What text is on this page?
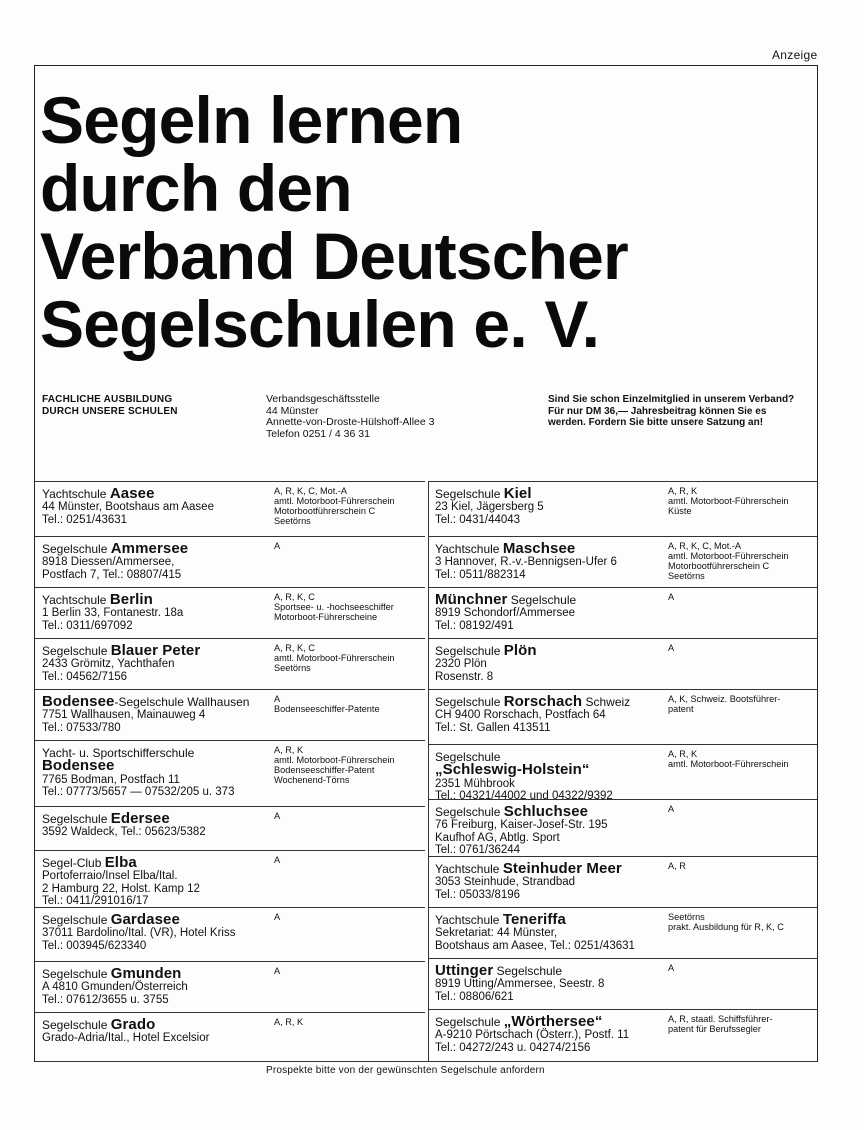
Anzeige
Segeln lernen
durch den
Verband Deutscher
Segelschulen e. V.
FACHLICHE AUSBILDUNG
DURCH UNSERE SCHULEN
Verbandsgeschäftsstelle
44 Münster
Annette-von-Droste-Hülshoff-Allee 3
Telefon 0251 / 4 36 31
Sind Sie schon Einzelmitglied in unserem Verband?
Für nur DM 36,— Jahresbeitrag können Sie es
werden. Fordern Sie bitte unsere Satzung an!
Yachtschule Aasee
44 Münster, Bootshaus am Aasee
Tel.: 0251/43631
A, R, K, C, Mot.-A
amtl. Motorboot-Führerschein
Motorbootführerschein C
Seetörns
Segelschule Ammersee
8918 Diessen/Ammersee,
Postfach 7, Tel.: 08807/415
A
Yachtschule Berlin
1 Berlin 33, Fontanestr. 18a
Tel.: 0311/697092
A, R, K, C
Sportsee- u. -hochseeschiffer
Motorboot-Führerscheine
Segelschule Blauer Peter
2433 Grömitz, Yachthafen
Tel.: 04562/7156
A, R, K, C
amtl. Motorboot-Führerschein
Seetörns
Bodensee-Segelschule Wallhausen
7751 Wallhausen, Mainauweg 4
Tel.: 07533/780
A
Bodenseeschiffer-Patente
Yacht- u. Sportschifferschule
Bodensee
7765 Bodman, Postfach 11
Tel.: 07773/5657 — 07532/205 u. 373
A, R, K
amtl. Motorboot-Führerschein
Bodenseeschiffer-Patent
Wochenend-Törns
Segelschule Edersee
3592 Waldeck, Tel.: 05623/5382
A
Segel-Club Elba
Portoferraio/Insel Elba/Ital.
2 Hamburg 22, Holst. Kamp 12
Tel.: 0411/291016/17
A
Segelschule Gardasee
37011 Bardolino/Ital. (VR), Hotel Kriss
Tel.: 003945/623340
A
Segelschule Gmunden
A 4810 Gmunden/Österreich
Tel.: 07612/3655 u. 3755
A
Segelschule Grado
Grado-Adria/Ital., Hotel Excelsior
A, R, K
Segelschule Kiel
23 Kiel, Jägersberg 5
Tel.: 0431/44043
A, R, K
amtl. Motorboot-Führerschein
Küste
Yachtschule Maschsee
3 Hannover, R.-v.-Bennigsen-Ufer 6
Tel.: 0511/882314
A, R, K, C, Mot.-A
amtl. Motorboot-Führerschein
Motorbootführerschein C
Seetörns
Münchner Segelschule
8919 Schondorf/Ammersee
Tel.: 08192/491
A
Segelschule Plön
2320 Plön
Rosenstr. 8
A
Segelschule Rorschach Schweiz
CH 9400 Rorschach, Postfach 64
Tel.: St. Gallen 413511
A, K, Schweiz. Bootsführer-
patent
Segelschule
„Schleswig-Holstein“
2351 Mühbrook
Tel.: 04321/44002 und 04322/9392
A, R, K
amtl. Motorboot-Führerschein
Segelschule Schluchsee
76 Freiburg, Kaiser-Josef-Str. 195
Kaufhof AG, Abtlg. Sport
Tel.: 0761/36244
A
Yachtschule Steinhuder Meer
3053 Steinhude, Strandbad
Tel.: 05033/8196
A, R
Yachtschule Teneriffa
Sekretariat: 44 Münster,
Bootshaus am Aasee, Tel.: 0251/43631
Seetörns
prakt. Ausbildung für R, K, C
Uttinger Segelschule
8919 Utting/Ammersee, Seestr. 8
Tel.: 08806/621
A
Segelschule „Wörthersee“
A-9210 Pörtschach (Österr.), Postf. 11
Tel.: 04272/243 u. 04274/2156
A, R, staatl. Schiffsführer-
patent für Berufssegler
Prospekte bitte von der gewünschten Segelschule anfordern
